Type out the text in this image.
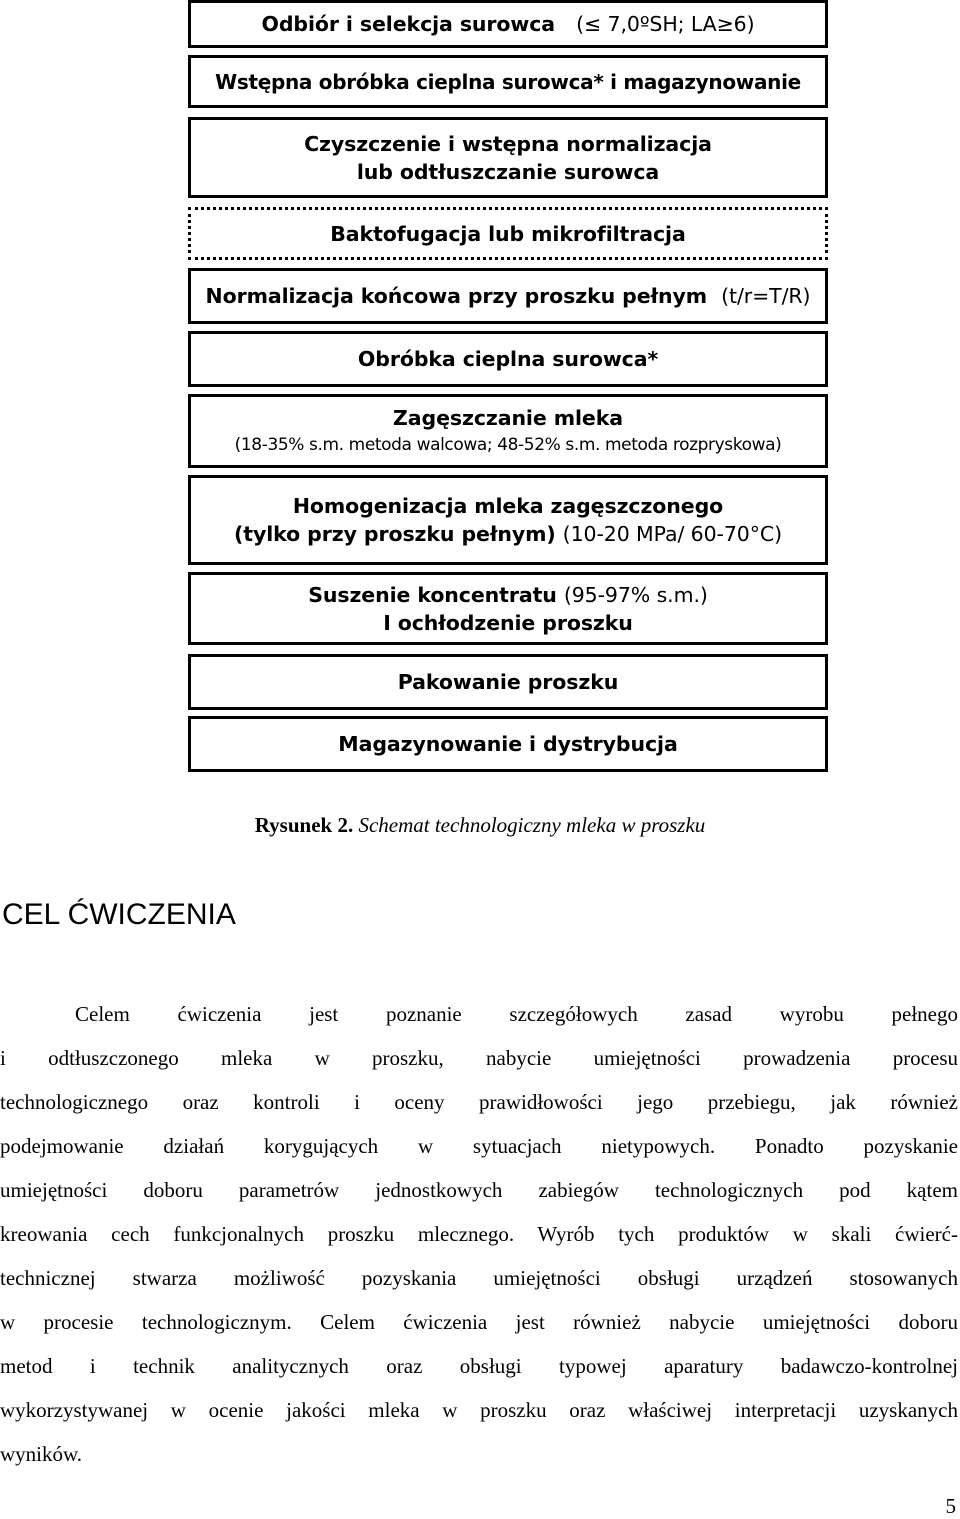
Odbiór i selekcja surowca (≤ 7,0ºSH; LA≥6)
Wstępna obróbka cieplna surowca* i magazynowanie
Czyszczenie i wstępna normalizacja
lub odtłuszczanie surowca
Baktofugacja lub mikrofiltracja
Normalizacja końcowa przy proszku pełnym (t/r=T/R)
Obróbka cieplna surowca*
Zagęszczanie mleka
(18-35% s.m. metoda walcowa; 48-52% s.m. metoda rozpryskowa)
Homogenizacja mleka zagęszczonego
(tylko przy proszku pełnym) (10-20 MPa/ 60-70°C)
Suszenie koncentratu (95-97% s.m.)
I ochłodzenie proszku
Pakowanie proszku
Magazynowanie i dystrybucja
Rysunek 2. Schemat technologiczny mleka w proszku
CEL ĆWICZENIA
Celem ćwiczenia jest poznanie szczegółowych zasad wyrobu pełnego
i odtłuszczonego mleka w proszku, nabycie umiejętności prowadzenia procesu
technologicznego oraz kontroli i oceny prawidłowości jego przebiegu, jak również
podejmowanie działań korygujących w sytuacjach nietypowych. Ponadto pozyskanie
umiejętności doboru parametrów jednostkowych zabiegów technologicznych pod kątem
kreowania cech funkcjonalnych proszku mlecznego. Wyrób tych produktów w skali ćwierć-
technicznej stwarza możliwość pozyskania umiejętności obsługi urządzeń stosowanych
w procesie technologicznym. Celem ćwiczenia jest również nabycie umiejętności doboru
metod i technik analitycznych oraz obsługi typowej aparatury badawczo-kontrolnej
wykorzystywanej w ocenie jakości mleka w proszku oraz właściwej interpretacji uzyskanych
wyników.
5
